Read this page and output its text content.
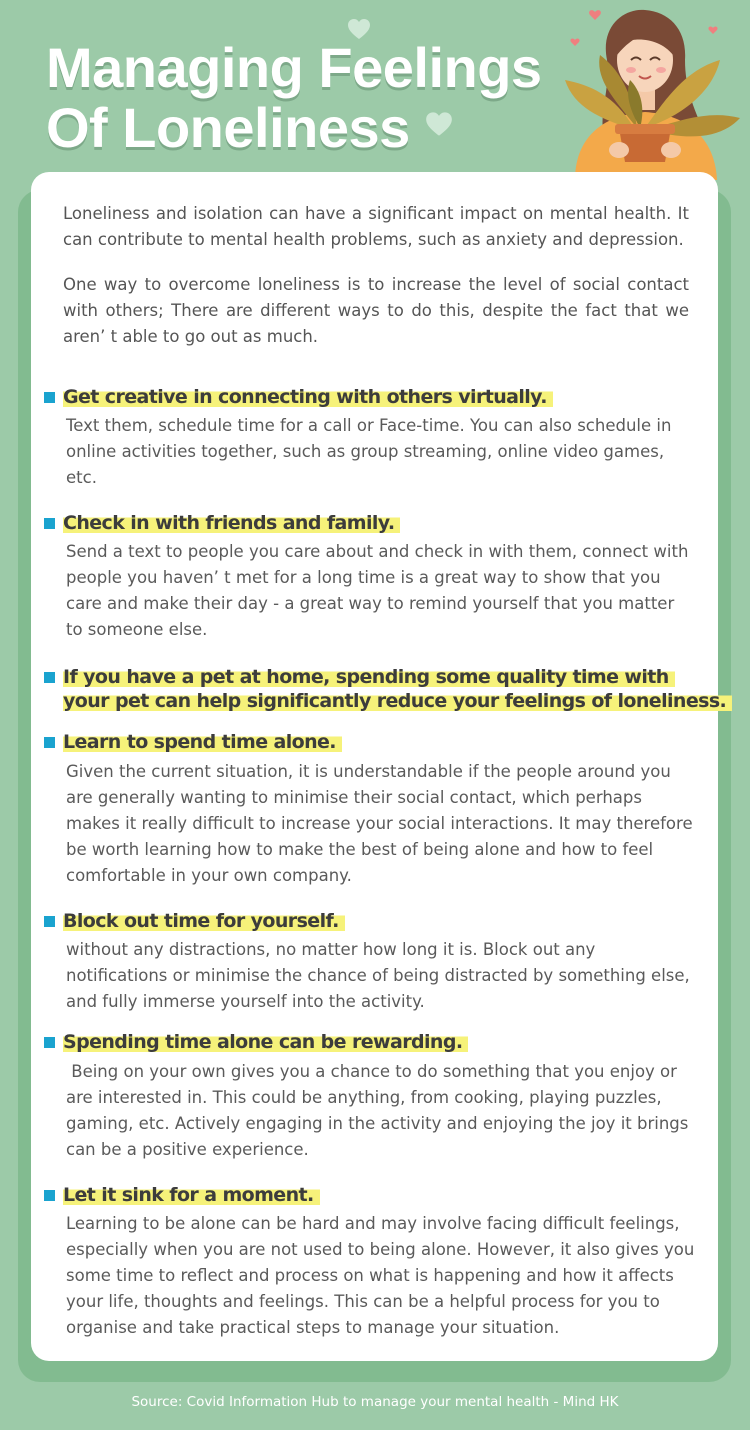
Managing Feelings
Of Loneliness

Loneliness and isolation can have a significant impact on mental health. It can contribute to mental health problems, such as anxiety and depression.

One way to overcome loneliness is to increase the level of social contact with others; There are different ways to do this, despite the fact that we aren’ t able to go out as much.

Get creative in connecting with others virtually.

Text them, schedule time for a call or Face-time. You can also schedule in online activities together, such as group streaming, online video games, etc.

Check in with friends and family.

Send a text to people you care about and check in with them, connect with people you haven’ t met for a long time is a great way to show that you care and make their day - a great way to remind yourself that you matter to someone else.

If you have a pet at home, spending some quality time with
your pet can help significantly reduce your feelings of loneliness.
Learn to spend time alone.

Given the current situation, it is understandable if the people around you are generally wanting to minimise their social contact, which perhaps makes it really difficult to increase your social interactions. It may therefore be worth learning how to make the best of being alone and how to feel comfortable in your own company.

Block out time for yourself.

without any distractions, no matter how long it is. Block out any notifications or minimise the chance of being distracted by something else, and fully immerse yourself into the activity.

Spending time alone can be rewarding.

Being on your own gives you a chance to do something that you enjoy or are interested in. This could be anything, from cooking, playing puzzles, gaming, etc. Actively engaging in the activity and enjoying the joy it brings can be a positive experience.

Let it sink for a moment.

Learning to be alone can be hard and may involve facing difficult feelings, especially when you are not used to being alone. However, it also gives you some time to reflect and process on what is happening and how it affects your life, thoughts and feelings. This can be a helpful process for you to organise and take practical steps to manage your situation.

Source: Covid Information Hub to manage your mental health - Mind HK
